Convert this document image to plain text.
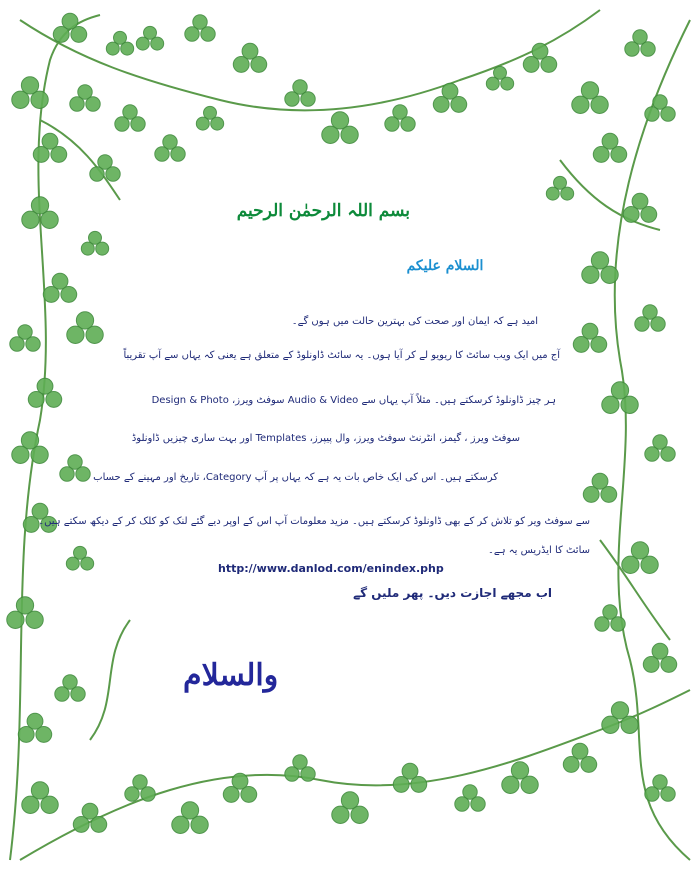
بسم اللہ الرحمٰن الرحیم

السلام علیکم

امید ہے کہ ایمان اور صحت کی بہترین حالت میں ہوں گے۔

آج میں ایک ویب سائٹ کا ریویو لے کر آیا ہوں۔ یہ سائٹ ڈاونلوڈ کے متعلق ہے یعنی کہ یہاں سے آپ تقریباً

ہر چیز ڈاونلوڈ کرسکتے ہیں۔ مثلاً آپ یہاں سے Audio & Video سوفٹ ویرز، Design & Photo

سوفٹ ویرز ، گیمز، انٹرنٹ سوفٹ ویرز، وال پیپرز، Templates اور بہت ساری چیزیں ڈاونلوڈ

کرسکتے ہیں۔ اس کی ایک خاص بات یہ ہے کہ یہاں پر آپ Category، تاریخ اور مہینے کے حساب

سے سوفٹ ویر کو تلاش کر کے بھی ڈاونلوڈ کرسکتے ہیں۔ مزید معلومات آپ اس کے اوپر دیے گئے لنک کو کلک کر کے دیکھ سکتے ہیں۔

سائٹ کا ایڈریس یہ ہے۔

http://www.danlod.com/enindex.php

اب مجھے اجازت دیں۔ پھر ملیں گے

والسلام
